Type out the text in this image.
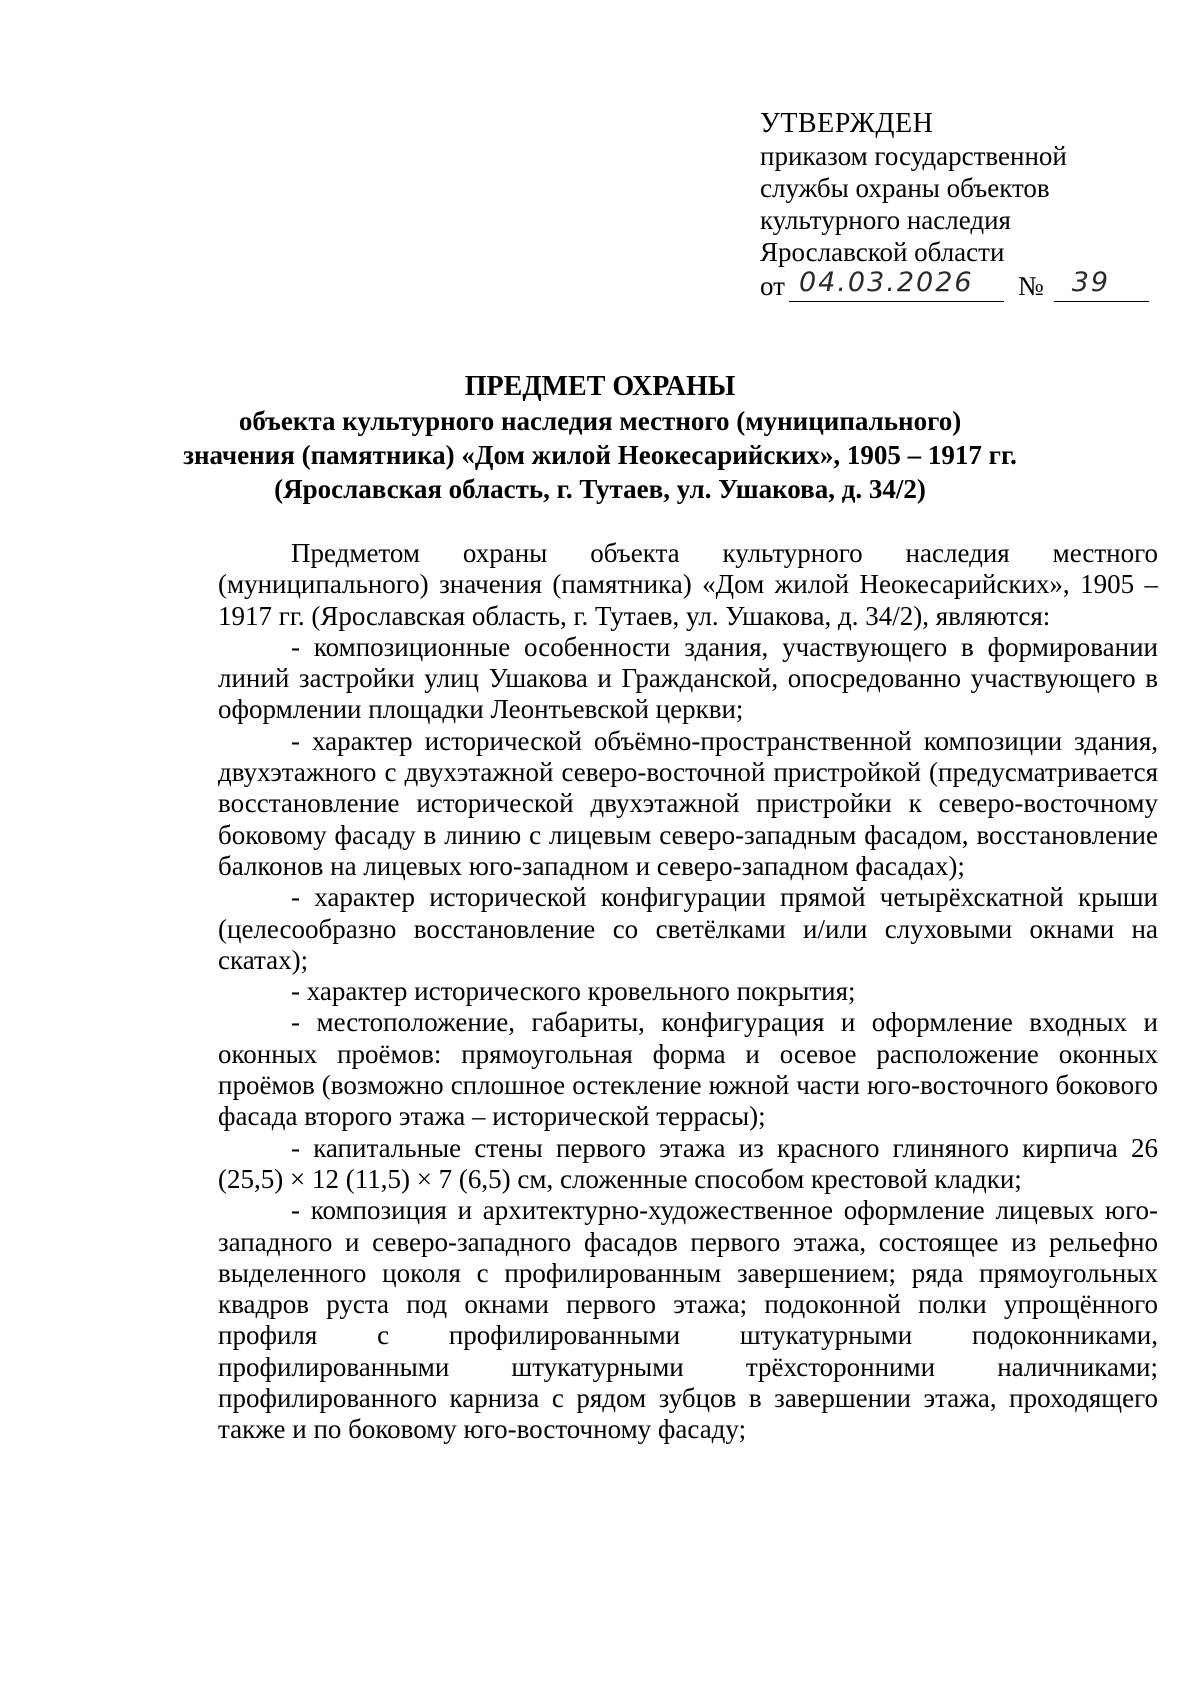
УТВЕРЖДЕН
приказом государственной
службы охраны объектов
культурного наследия
Ярославской области
от 04.03.2026 № 39
ПРЕДМЕТ ОХРАНЫ
объекта культурного наследия местного (муниципального) значения (памятника) «Дом жилой Неокесарийских», 1905 – 1917 гг. (Ярославская область, г. Тутаев, ул. Ушакова, д. 34/2)

Предметом охраны объекта культурного наследия местного (муниципального) значения (памятника) «Дом жилой Неокесарийских», 1905 – 1917 гг. (Ярославская область, г. Тутаев, ул. Ушакова, д. 34/2), являются:

- композиционные особенности здания, участвующего в формировании линий застройки улиц Ушакова и Гражданской, опосредованно участвующего в оформлении площадки Леонтьевской церкви;

- характер исторической объёмно-пространственной композиции здания, двухэтажного с двухэтажной северо-восточной пристройкой (предусматривается восстановление исторической двухэтажной пристройки к северо-восточному боковому фасаду в линию с лицевым северо-западным фасадом, восстановление балконов на лицевых юго-западном и северо-западном фасадах);

- характер исторической конфигурации прямой четырёхскатной крыши (целесообразно восстановление со светёлками и/или слуховыми окнами на скатах);

- характер исторического кровельного покрытия;

- местоположение, габариты, конфигурация и оформление входных и оконных проёмов: прямоугольная форма и осевое расположение оконных проёмов (возможно сплошное остекление южной части юго-восточного бокового фасада второго этажа – исторической террасы);

- капитальные стены первого этажа из красного глиняного кирпича 26 (25,5) × 12 (11,5) × 7 (6,5) см, сложенные способом крестовой кладки;

- композиция и архитектурно-художественное оформление лицевых юго-западного и северо-западного фасадов первого этажа, состоящее из рельефно выделенного цоколя с профилированным завершением; ряда прямоугольных квадров руста под окнами первого этажа; подоконной полки упрощённого профиля с профилированными штукатурными подоконниками, профилированными штукатурными трёхсторонними наличниками; профилированного карниза с рядом зубцов в завершении этажа, проходящего также и по боковому юго-восточному фасаду;
